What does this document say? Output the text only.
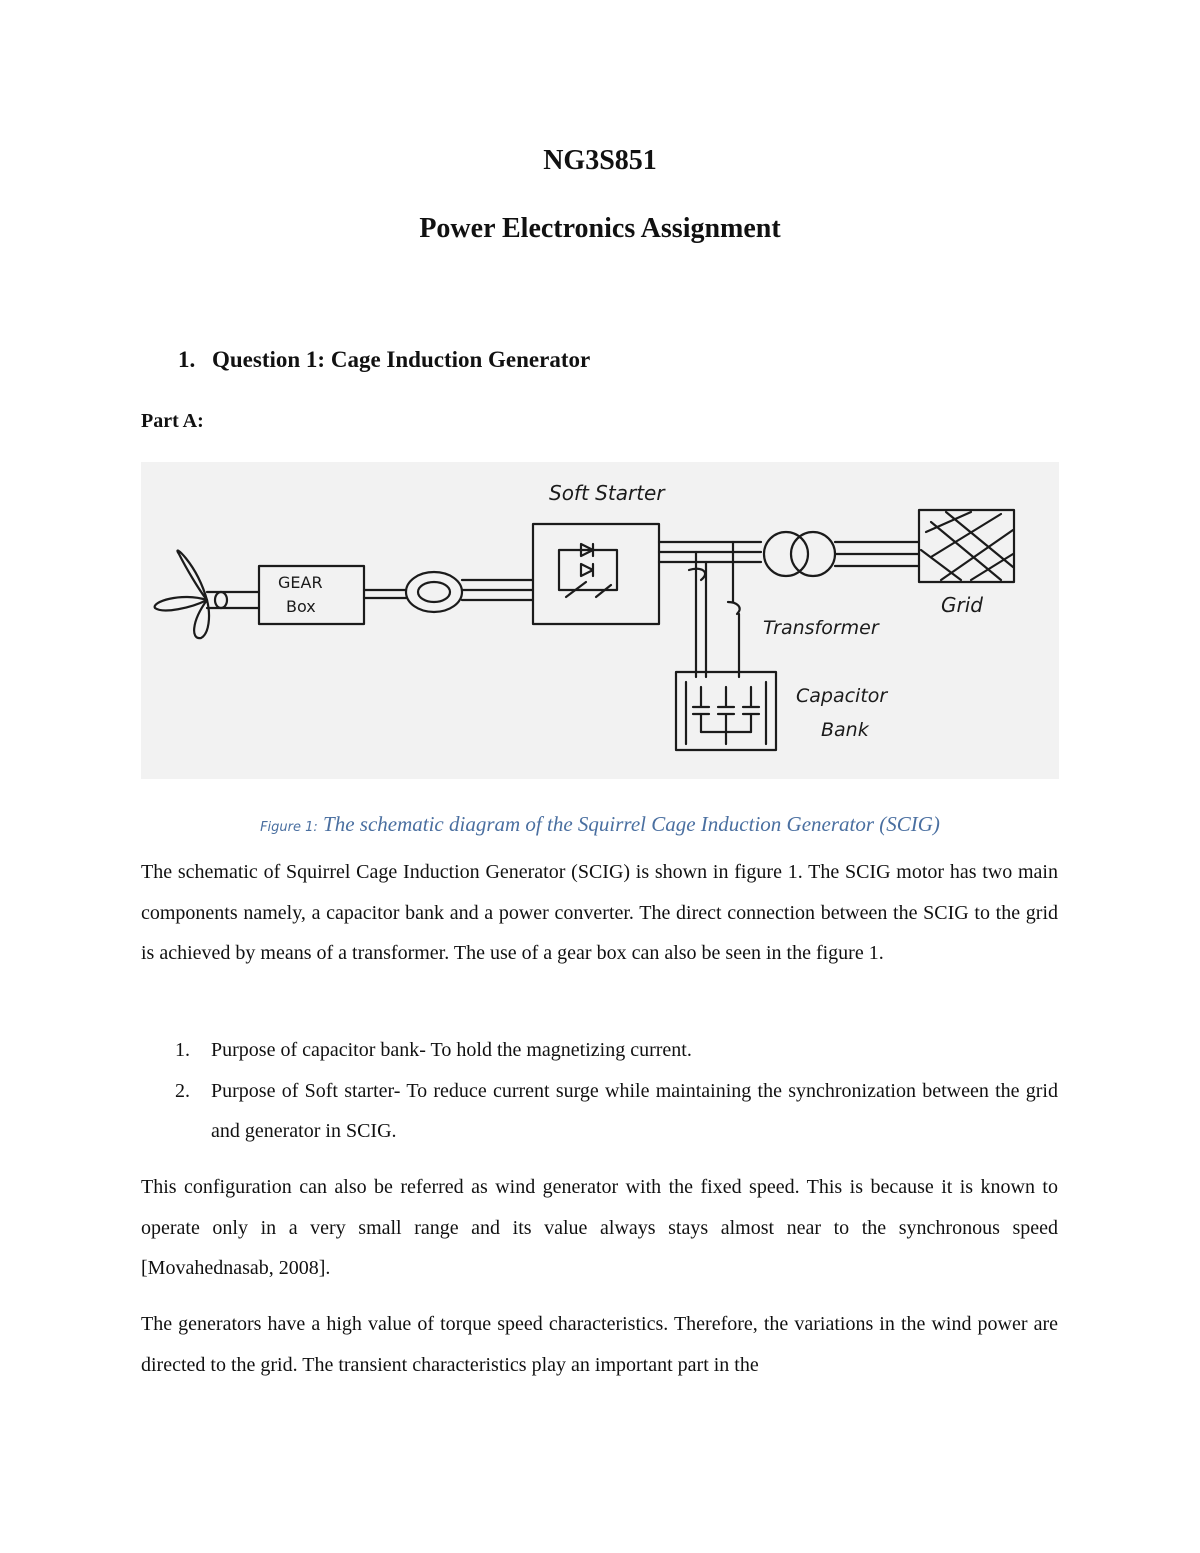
NG3S851
Power Electronics Assignment
1. Question 1: Cage Induction Generator
Part A:
Soft Starter
GEAR
Box
Transformer
Grid
Capacitor
Bank
Figure 1: The schematic diagram of the Squirrel Cage Induction Generator (SCIG)
The schematic of Squirrel Cage Induction Generator (SCIG) is shown in figure 1. The SCIG motor has two main components namely, a capacitor bank and a power converter. The direct connection between the SCIG to the grid is achieved by means of a transformer. The use of a gear box can also be seen in the figure 1.
1. Purpose of capacitor bank- To hold the magnetizing current.
2. Purpose of Soft starter- To reduce current surge while maintaining the synchronization between the grid and generator in SCIG.
This configuration can also be referred as wind generator with the fixed speed. This is because it is known to operate only in a very small range and its value always stays almost near to the synchronous speed [Movahednasab, 2008].
The generators have a high value of torque speed characteristics. Therefore, the variations in the wind power are directed to the grid. The transient characteristics play an important part in the
